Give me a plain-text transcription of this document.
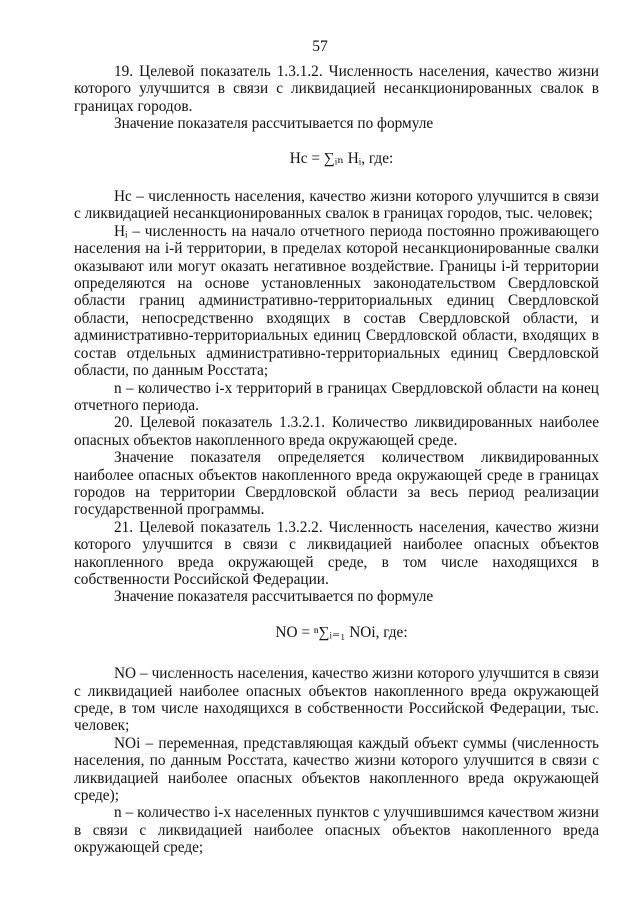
57

19. Целевой показатель 1.3.1.2. Численность населения, качество жизни которого улучшится в связи с ликвидацией несанкционированных свалок в границах городов.

Значение показателя рассчитывается по формуле

Hс = ∑ᵢₙ Hᵢ, где:

Hс – численность населения, качество жизни которого улучшится в связи с ликвидацией несанкционированных свалок в границах городов, тыс. человек;

Hᵢ – численность на начало отчетного периода постоянно проживающего населения на i-й территории, в пределах которой несанкционированные свалки оказывают или могут оказать негативное воздействие. Границы i-й территории определяются на основе установленных законодательством Свердловской области границ административно-территориальных единиц Свердловской области, непосредственно входящих в состав Свердловской области, и административно-территориальных единиц Свердловской области, входящих в состав отдельных административно-территориальных единиц Свердловской области, по данным Росстата;

n – количество i-х территорий в границах Свердловской области на конец отчетного периода.

20. Целевой показатель 1.3.2.1. Количество ликвидированных наиболее опасных объектов накопленного вреда окружающей среде.

Значение показателя определяется количеством ликвидированных наиболее опасных объектов накопленного вреда окружающей среде в границах городов на территории Свердловской области за весь период реализации государственной программы.

21. Целевой показатель 1.3.2.2. Численность населения, качество жизни которого улучшится в связи с ликвидацией наиболее опасных объектов накопленного вреда окружающей среде, в том числе находящихся в собственности Российской Федерации.

Значение показателя рассчитывается по формуле

NO = ⁿ∑ᵢ₌₁ NOi, где:

NO – численность населения, качество жизни которого улучшится в связи с ликвидацией наиболее опасных объектов накопленного вреда окружающей среде, в том числе находящихся в собственности Российской Федерации, тыс. человек;

NOi – переменная, представляющая каждый объект суммы (численность населения, по данным Росстата, качество жизни которого улучшится в связи с ликвидацией наиболее опасных объектов накопленного вреда окружающей среде);

n – количество i-х населенных пунктов с улучшившимся качеством жизни в связи с ликвидацией наиболее опасных объектов накопленного вреда окружающей среде;
